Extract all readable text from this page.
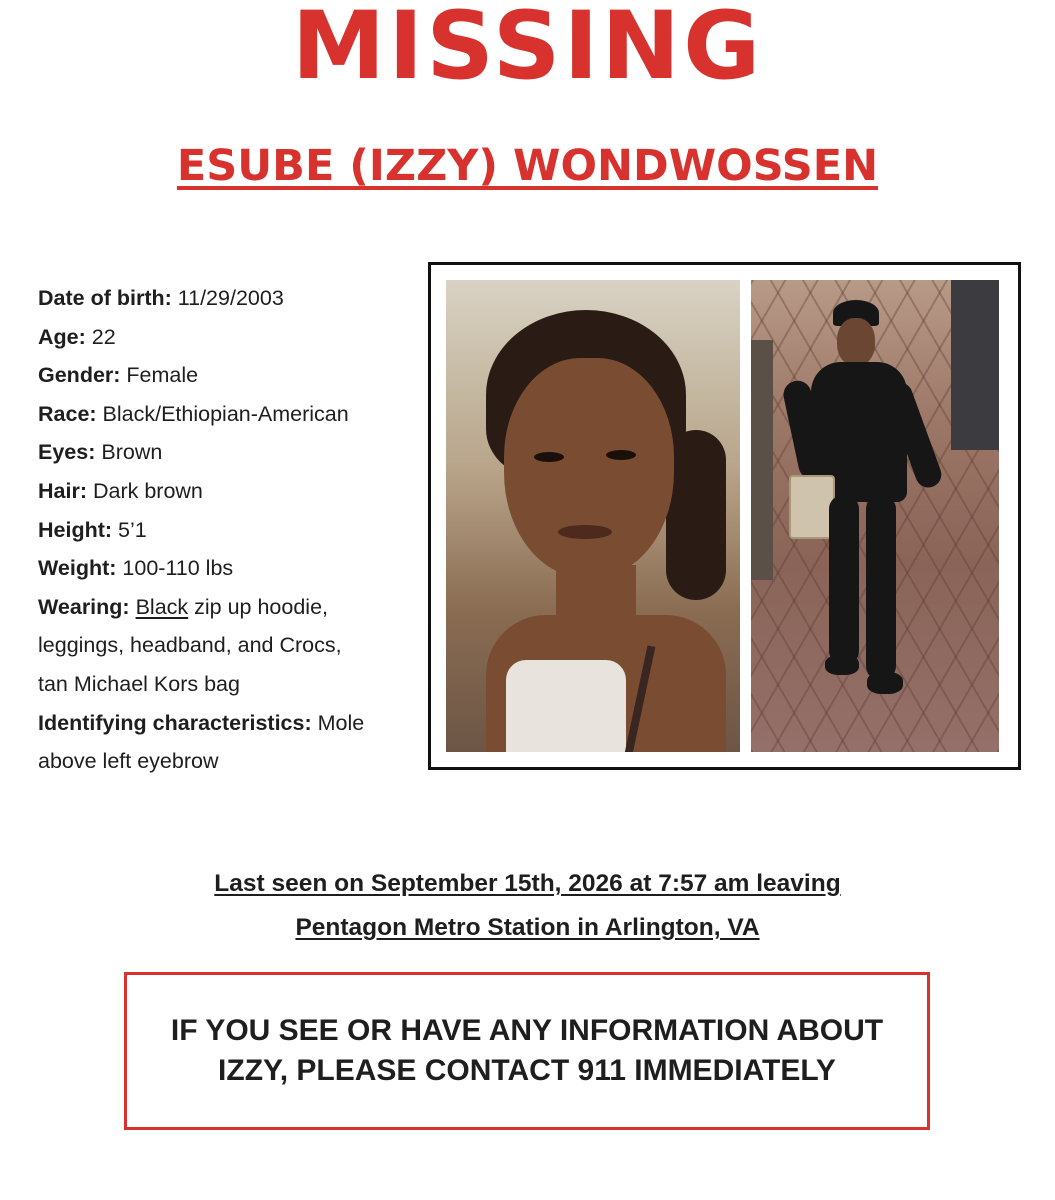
MISSING
ESUBE (IZZY) WONDWOSSEN

Date of birth: 11/29/2003

Age: 22

Gender: Female

Race: Black/Ethiopian-American

Eyes: Brown

Hair: Dark brown

Height: 5’1

Weight: 100-110 lbs

Wearing: Black zip up hoodie,

leggings, headband, and Crocs,

tan Michael Kors bag

Identifying characteristics: Mole

above left eyebrow

Last seen on September 15th, 2026 at 7:57 am leaving
Pentagon Metro Station in Arlington, VA

IF YOU SEE OR HAVE ANY INFORMATION ABOUT
IZZY, PLEASE CONTACT 911 IMMEDIATELY
